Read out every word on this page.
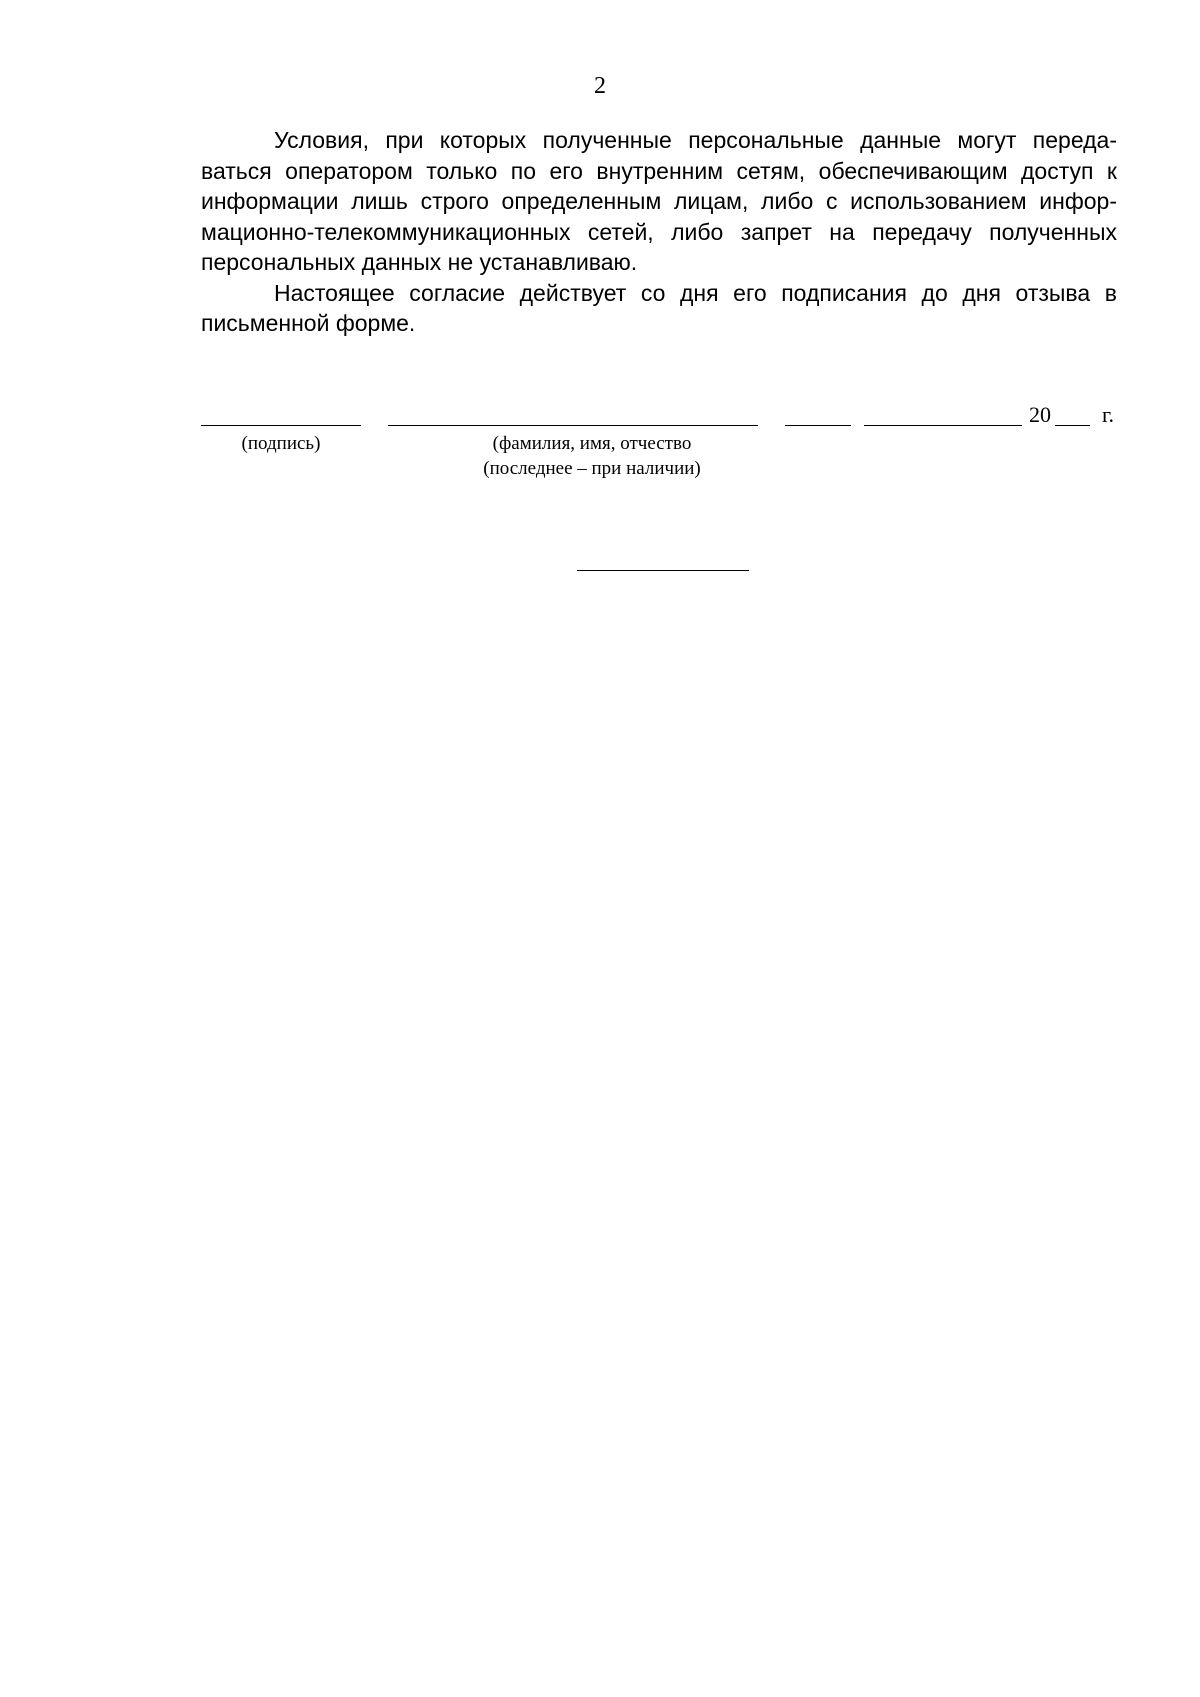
2

Условия, при которых полученные персональные данные могут переда-ваться оператором только по его внутренним сетям, обеспечивающим доступ к информации лишь строго определенным лицам, либо с использованием инфор-мационно-телекоммуникационных сетей, либо запрет на передачу полученных персональных данных не устанавливаю.

Настоящее согласие действует со дня его подписания до дня отзыва в письменной форме.

20 г.
(подпись)	(фамилия, имя, отчество
(последнее – при наличии)
